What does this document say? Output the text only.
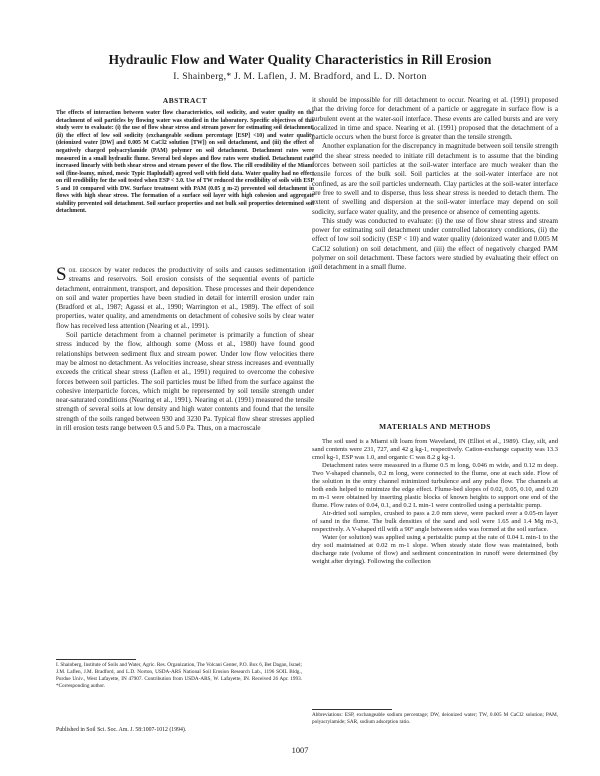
Hydraulic Flow and Water Quality Characteristics in Rill Erosion
I. Shainberg,* J. M. Laflen, J. M. Bradford, and L. D. Norton

ABSTRACT

The effects of interaction between water flow characteristics, soil sodicity, and water quality on the detachment of soil particles by flowing water was studied in the laboratory. Specific objectives of this study were to evaluate: (i) the use of flow shear stress and stream power for estimating soil detachment, (ii) the effect of low soil sodicity (exchangeable sodium percentage [ESP] <10) and water quality (deionized water [DW] and 0.005 M CaCl2 solution [TW]) on soil detachment, and (iii) the effect of negatively charged polyacrylamide (PAM) polymer on soil detachment. Detachment rates were measured in a small hydraulic flume. Several bed slopes and flow rates were studied. Detachment rate increased linearly with both shear stress and stream power of the flow. The rill erodibility of the Miami soil (fine-loamy, mixed, mesic Typic Hapludalf) agreed well with field data. Water quality had no effect on rill erodibility for the soil tested when ESP < 3.0. Use of TW reduced the erodibility of soils with ESP 5 and 10 compared with DW. Surface treatment with PAM (0.05 g m-2) prevented soil detachment in flows with high shear stress. The formation of a surface soil layer with high cohesion and aggregate stability prevented soil detachment. Soil surface properties and not bulk soil properties determined soil detachment.

Soil erosion by water reduces the productivity of soils and causes sedimentation in streams and reservoirs. Soil erosion consists of the sequential events of particle detachment, entrainment, transport, and deposition. These processes and their dependence on soil and water properties have been studied in detail for interrill erosion under rain (Bradford et al., 1987; Agassi et al., 1990; Warrington et al., 1989). The effect of soil properties, water quality, and amendments on detachment of cohesive soils by clear water flow has received less attention (Nearing et al., 1991).

Soil particle detachment from a channel perimeter is primarily a function of shear stress induced by the flow, although some (Moss et al., 1980) have found good relationships between sediment flux and stream power. Under low flow velocities there may be almost no detachment. As velocities increase, shear stress increases and eventually exceeds the critical shear stress (Laflen et al., 1991) required to overcome the cohesive forces between soil particles. The soil particles must be lifted from the surface against the cohesive interparticle forces, which might be represented by soil tensile strength under near-saturated conditions (Nearing et al., 1991). Nearing et al. (1991) measured the tensile strength of several soils at low density and high water contents and found that the tensile strength of the soils ranged between 930 and 3230 Pa. Typical flow shear stresses applied in rill erosion tests range between 0.5 and 5.0 Pa. Thus, on a macroscale

I. Shainberg, Institute of Soils and Water, Agric. Res. Organization, The Volcani Center, P.O. Box 6, Bet Dagan, Israel; J.M. Laflen, J.M. Bradford, and L.D. Norton, USDA-ARS National Soil Erosion Research Lab., 1196 SOIL Bldg., Purdue Univ., West Lafayette, IN 47907. Contribution from USDA-ARS, W. Lafayette, IN. Received 26 Apr. 1993. *Corresponding author.
Published in Soil Sci. Soc. Am. J. 58:1007-1012 (1994).

it should be impossible for rill detachment to occur. Nearing et al. (1991) proposed that the driving force for detachment of a particle or aggregate in surface flow is a turbulent event at the water-soil interface. These events are called bursts and are very localized in time and space. Nearing et al. (1991) proposed that the detachment of a particle occurs when the burst force is greater than the tensile strength.

Another explanation for the discrepancy in magnitude between soil tensile strength and the shear stress needed to initiate rill detachment is to assume that the binding forces between soil particles at the soil-water interface are much weaker than the tensile forces of the bulk soil. Soil particles at the soil-water interface are not confined, as are the soil particles underneath. Clay particles at the soil-water interface are free to swell and to disperse, thus less shear stress is needed to detach them. The extent of swelling and dispersion at the soil-water interface may depend on soil sodicity, surface water quality, and the presence or absence of cementing agents.

This study was conducted to evaluate: (i) the use of flow shear stress and stream power for estimating soil detachment under controlled laboratory conditions, (ii) the effect of low soil sodicity (ESP < 10) and water quality (deionized water and 0.005 M CaCl2 solution) on soil detachment, and (iii) the effect of negatively charged PAM polymer on soil detachment. These factors were studied by evaluating their effect on soil detachment in a small flume.

MATERIALS AND METHODS

The soil used is a Miami silt loam from Waveland, IN (Elliot et al., 1989). Clay, silt, and sand contents were 231, 727, and 42 g kg-1, respectively. Cation-exchange capacity was 13.3 cmol kg-1, ESP was 1.0, and organic C was 8.2 g kg-1.

Detachment rates were measured in a flume 0.5 m long, 0.046 m wide, and 0.12 m deep. Two V-shaped channels, 0.2 m long, were connected to the flume, one at each side. Flow of the solution in the entry channel minimized turbulence and any pulse flow. The channels at both ends helped to minimize the edge effect. Flume-bed slopes of 0.02, 0.05, 0.10, and 0.20 m m-1 were obtained by inserting plastic blocks of known heights to support one end of the flume. Flow rates of 0.04, 0.1, and 0.2 L min-1 were controlled using a peristaltic pump.

Air-dried soil samples, crushed to pass a 2.0 mm sieve, were packed over a 0.05-m layer of sand in the flume. The bulk densities of the sand and soil were 1.65 and 1.4 Mg m-3, respectively. A V-shaped rill with a 90° angle between sides was formed at the soil surface.

Water (or solution) was applied using a peristaltic pump at the rate of 0.04 L min-1 to the dry soil maintained at 0.02 m m-1 slope. When steady state flow was maintained, both discharge rate (volume of flow) and sediment concentration in runoff were determined (by weight after drying). Following the collection

Abbreviations: ESP, exchangeable sodium percentage; DW, deionized water; TW, 0.005 M CaCl2 solution; PAM, polyacrylamide; SAR, sodium adsorption ratio.
1007
